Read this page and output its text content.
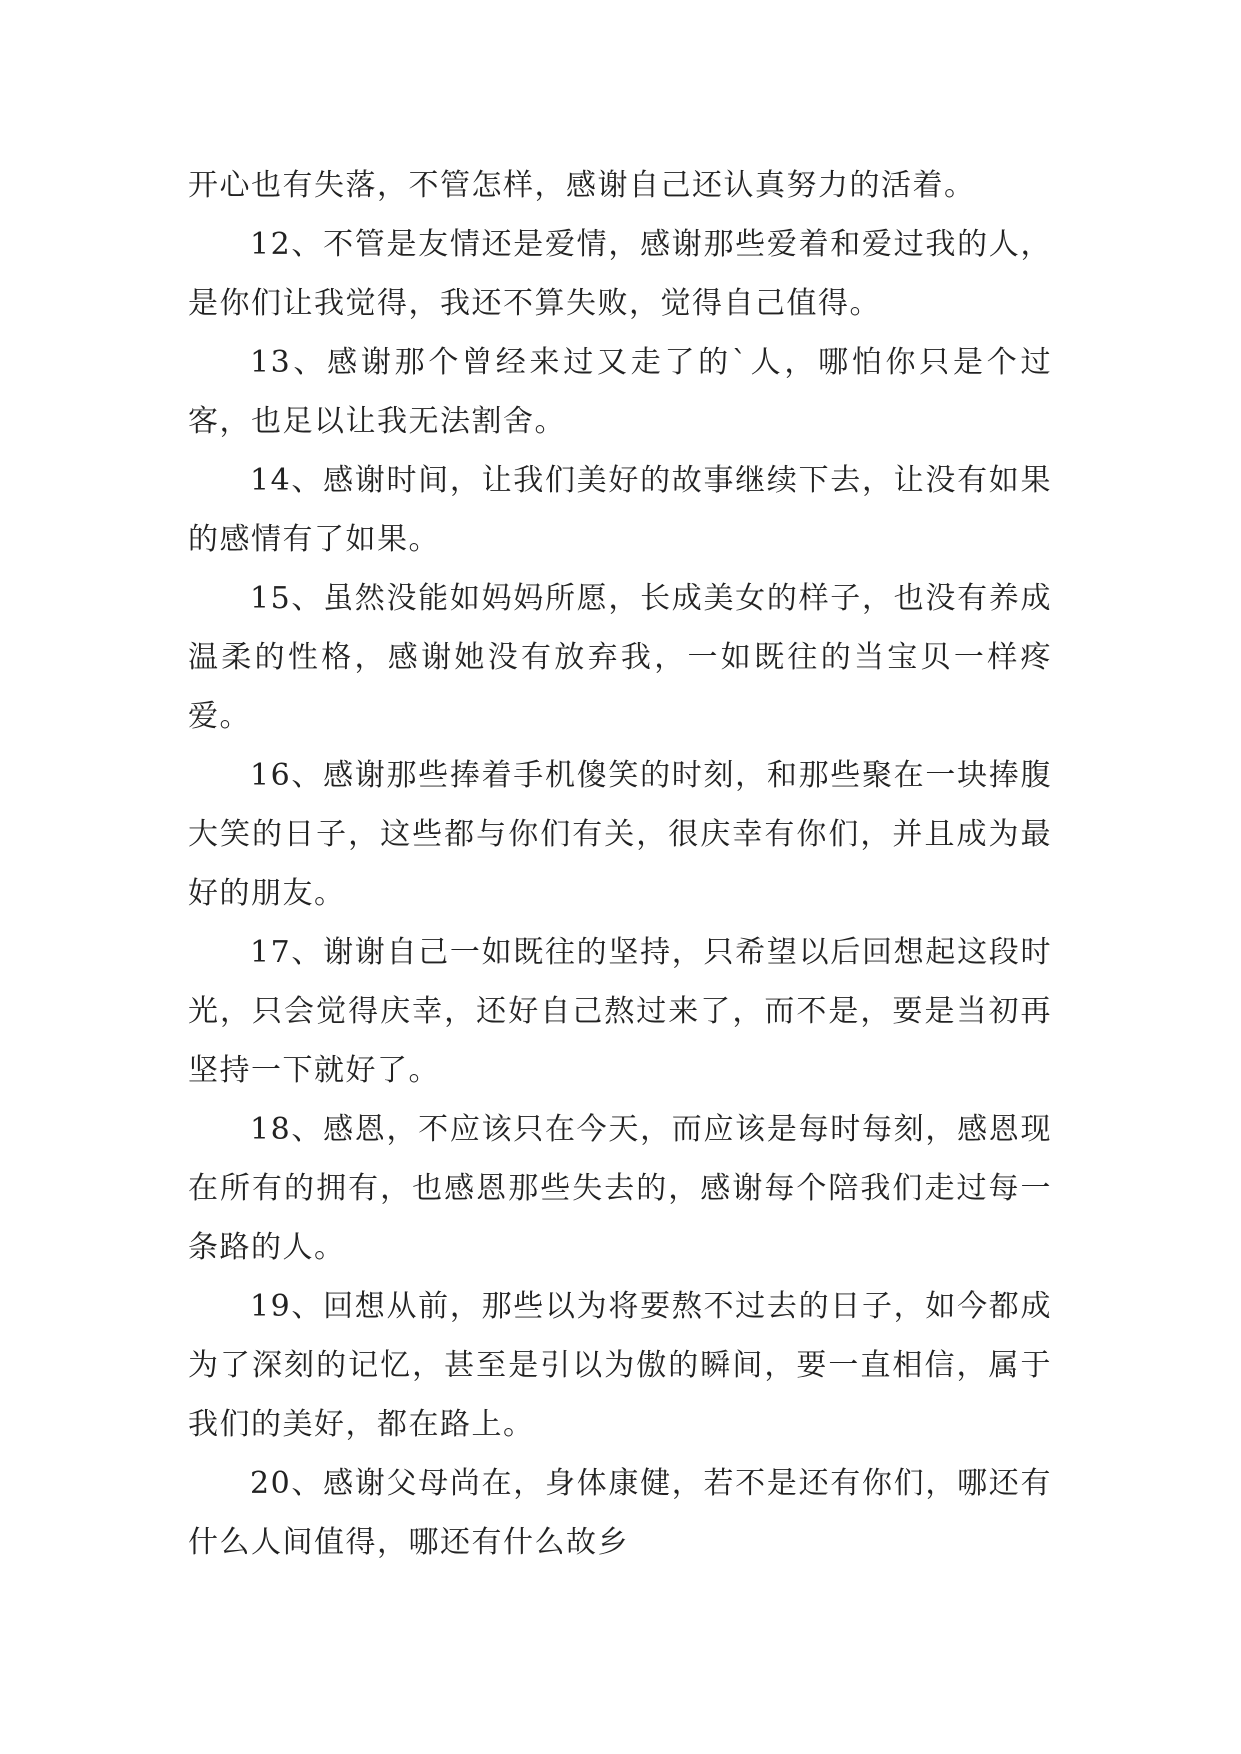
开心也有失落，不管怎样，感谢自己还认真努力的活着。

12、不管是友情还是爱情，感谢那些爱着和爱过我的人，是你们让我觉得，我还不算失败，觉得自己值得。

13、感谢那个曾经来过又走了的`人，哪怕你只是个过客，也足以让我无法割舍。

14、感谢时间，让我们美好的故事继续下去，让没有如果的感情有了如果。

15、虽然没能如妈妈所愿，长成美女的样子，也没有养成温柔的性格，感谢她没有放弃我，一如既往的当宝贝一样疼爱。

16、感谢那些捧着手机傻笑的时刻，和那些聚在一块捧腹大笑的日子，这些都与你们有关，很庆幸有你们，并且成为最好的朋友。

17、谢谢自己一如既往的坚持，只希望以后回想起这段时光，只会觉得庆幸，还好自己熬过来了，而不是，要是当初再坚持一下就好了。

18、感恩，不应该只在今天，而应该是每时每刻，感恩现在所有的拥有，也感恩那些失去的，感谢每个陪我们走过每一条路的人。

19、回想从前，那些以为将要熬不过去的日子，如今都成为了深刻的记忆，甚至是引以为傲的瞬间，要一直相信，属于我们的美好，都在路上。

20、感谢父母尚在，身体康健，若不是还有你们，哪还有什么人间值得，哪还有什么故乡
